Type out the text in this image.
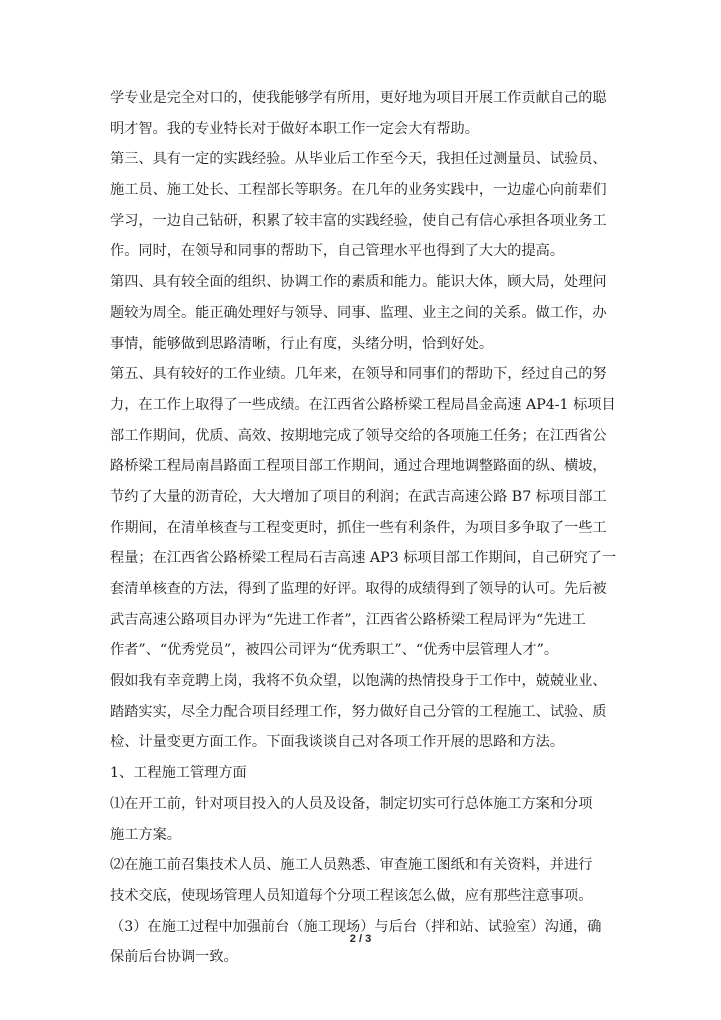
学专业是完全对口的，使我能够学有所用，更好地为项目开展工作贡献自己的聪
明才智。我的专业特长对于做好本职工作一定会大有帮助。
第三、具有一定的实践经验。从毕业后工作至今天，我担任过测量员、试验员、
施工员、施工处长、工程部长等职务。在几年的业务实践中，一边虚心向前辈们
学习，一边自己钻研，积累了较丰富的实践经验，使自己有信心承担各项业务工
作。同时，在领导和同事的帮助下，自己管理水平也得到了大大的提高。
第四、具有较全面的组织、协调工作的素质和能力。能识大体，顾大局，处理问
题较为周全。能正确处理好与领导、同事、监理、业主之间的关系。做工作，办
事情，能够做到思路清晰，行止有度，头绪分明，恰到好处。
第五、具有较好的工作业绩。几年来，在领导和同事们的帮助下，经过自己的努
力，在工作上取得了一些成绩。在江西省公路桥梁工程局昌金高速 AP4-1 标项目
部工作期间，优质、高效、按期地完成了领导交给的各项施工任务；在江西省公
路桥梁工程局南昌路面工程项目部工作期间，通过合理地调整路面的纵、横坡，
节约了大量的沥青砼，大大增加了项目的利润；在武吉高速公路 B7 标项目部工
作期间，在清单核查与工程变更时，抓住一些有利条件，为项目多争取了一些工
程量；在江西省公路桥梁工程局石吉高速 AP3 标项目部工作期间，自己研究了一
套清单核查的方法，得到了监理的好评。取得的成绩得到了领导的认可。先后被
武吉高速公路项目办评为“先进工作者”，江西省公路桥梁工程局评为“先进工
作者”、“优秀党员”，被四公司评为“优秀职工”、“优秀中层管理人才”。
假如我有幸竞聘上岗，我将不负众望，以饱满的热情投身于工作中，兢兢业业、
踏踏实实，尽全力配合项目经理工作，努力做好自己分管的工程施工、试验、质
检、计量变更方面工作。下面我谈谈自己对各项工作开展的思路和方法。
1、工程施工管理方面
⑴在开工前，针对项目投入的人员及设备，制定切实可行总体施工方案和分项
施工方案。
⑵在施工前召集技术人员、施工人员熟悉、审查施工图纸和有关资料，并进行
技术交底，使现场管理人员知道每个分项工程该怎么做，应有那些注意事项。
（3）在施工过程中加强前台（施工现场）与后台（拌和站、试验室）沟通，确
保前后台协调一致。
2 / 3
